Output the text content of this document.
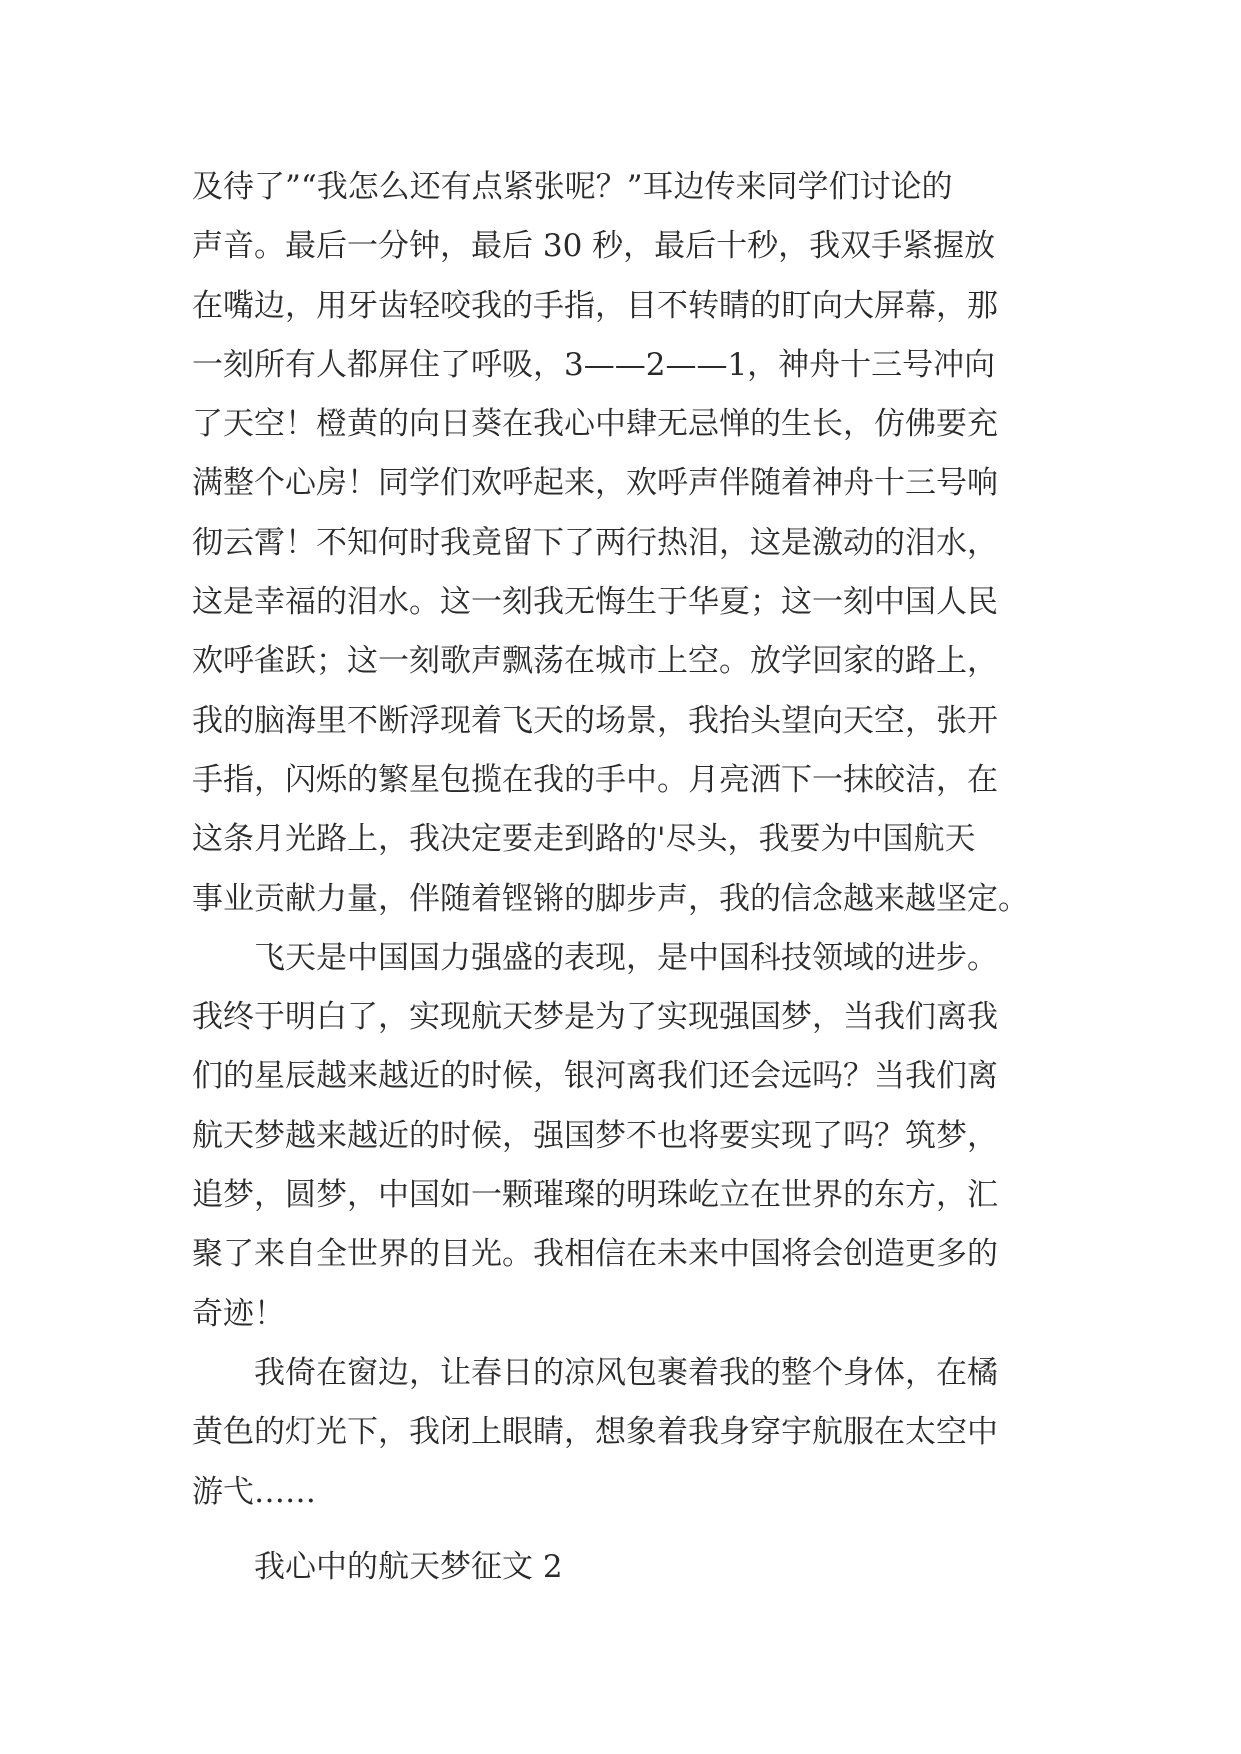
及待了”“我怎么还有点紧张呢？”耳边传来同学们讨论的
声音。最后一分钟，最后 30 秒，最后十秒，我双手紧握放
在嘴边，用牙齿轻咬我的手指，目不转睛的盯向大屏幕，那
一刻所有人都屏住了呼吸，3——2——1，神舟十三号冲向
了天空！橙黄的向日葵在我心中肆无忌惮的生长，仿佛要充
满整个心房！同学们欢呼起来，欢呼声伴随着神舟十三号响
彻云霄！不知何时我竟留下了两行热泪，这是激动的泪水，
这是幸福的泪水。这一刻我无悔生于华夏；这一刻中国人民
欢呼雀跃；这一刻歌声飘荡在城市上空。放学回家的路上，
我的脑海里不断浮现着飞天的场景，我抬头望向天空，张开
手指，闪烁的繁星包揽在我的手中。月亮洒下一抹皎洁，在
这条月光路上，我决定要走到路的'尽头，我要为中国航天
事业贡献力量，伴随着铿锵的脚步声，我的信念越来越坚定。
飞天是中国国力强盛的表现，是中国科技领域的进步。
我终于明白了，实现航天梦是为了实现强国梦，当我们离我
们的星辰越来越近的时候，银河离我们还会远吗？当我们离
航天梦越来越近的时候，强国梦不也将要实现了吗？筑梦，
追梦，圆梦，中国如一颗璀璨的明珠屹立在世界的东方，汇
聚了来自全世界的目光。我相信在未来中国将会创造更多的
奇迹！
我倚在窗边，让春日的凉风包裹着我的整个身体，在橘
黄色的灯光下，我闭上眼睛，想象着我身穿宇航服在太空中
游弋……
我心中的航天梦征文 2
